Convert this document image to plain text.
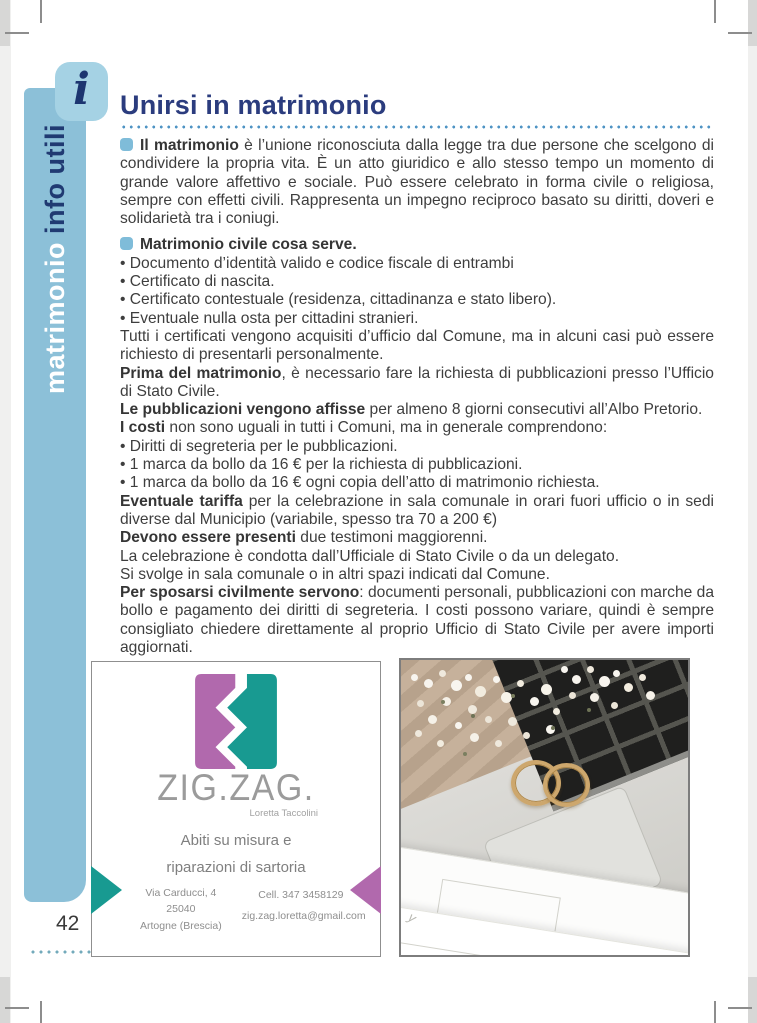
matrimonio info utili
i Unirsi in matrimonio

Il matrimonio è l’unione riconosciuta dalla legge tra due persone che scelgono di condividere la propria vita. È un atto giuridico e allo stesso tempo un momento di grande valore affettivo e sociale. Può essere celebrato in forma civile o religiosa, sempre con effetti civili. Rappresenta un impegno reciproco basato su diritti, doveri e solidarietà tra i coniugi.

Matrimonio civile cosa serve.

• Documento d’identità valido e codice fiscale di entrambi

• Certificato di nascita.

• Certificato contestuale (residenza, cittadinanza e stato libero).

• Eventuale nulla osta per cittadini stranieri.

Tutti i certificati vengono acquisiti d’ufficio dal Comune, ma in alcuni casi può essere richiesto di presentarli personalmente.

Prima del matrimonio, è necessario fare la richiesta di pubblicazioni presso l’Ufficio di Stato Civile.

Le pubblicazioni vengono affisse per almeno 8 giorni consecutivi all’Albo Pretorio.

I costi non sono uguali in tutti i Comuni, ma in generale comprendono:

• Diritti di segreteria per le pubblicazioni.

• 1 marca da bollo da 16 € per la richiesta di pubblicazioni.

• 1 marca da bollo da 16 € ogni copia dell’atto di matrimonio richiesta.

Eventuale tariffa per la celebrazione in sala comunale in orari fuori ufficio o in sedi diverse dal Municipio (variabile, spesso tra 70 a 200 €)

Devono essere presenti due testimoni maggiorenni.

La celebrazione è condotta dall’Ufficiale di Stato Civile o da un delegato.

Si svolge in sala comunale o in altri spazi indicati dal Comune.

Per sposarsi civilmente servono: documenti personali, pubblicazioni con marche da bollo e pagamento dei diritti di segreteria. I costi possono variare, quindi è sempre consigliato chiedere direttamente al proprio Ufficio di Stato Civile per avere importi aggiornati.

ZIG.ZAG.
Loretta Taccolini
Abiti su misura e
riparazioni di sartoria
Via Carducci, 4
25040
Artogne (Brescia)
Cell. 347 3458129
zig.zag.loretta@gmail.com	y
42
